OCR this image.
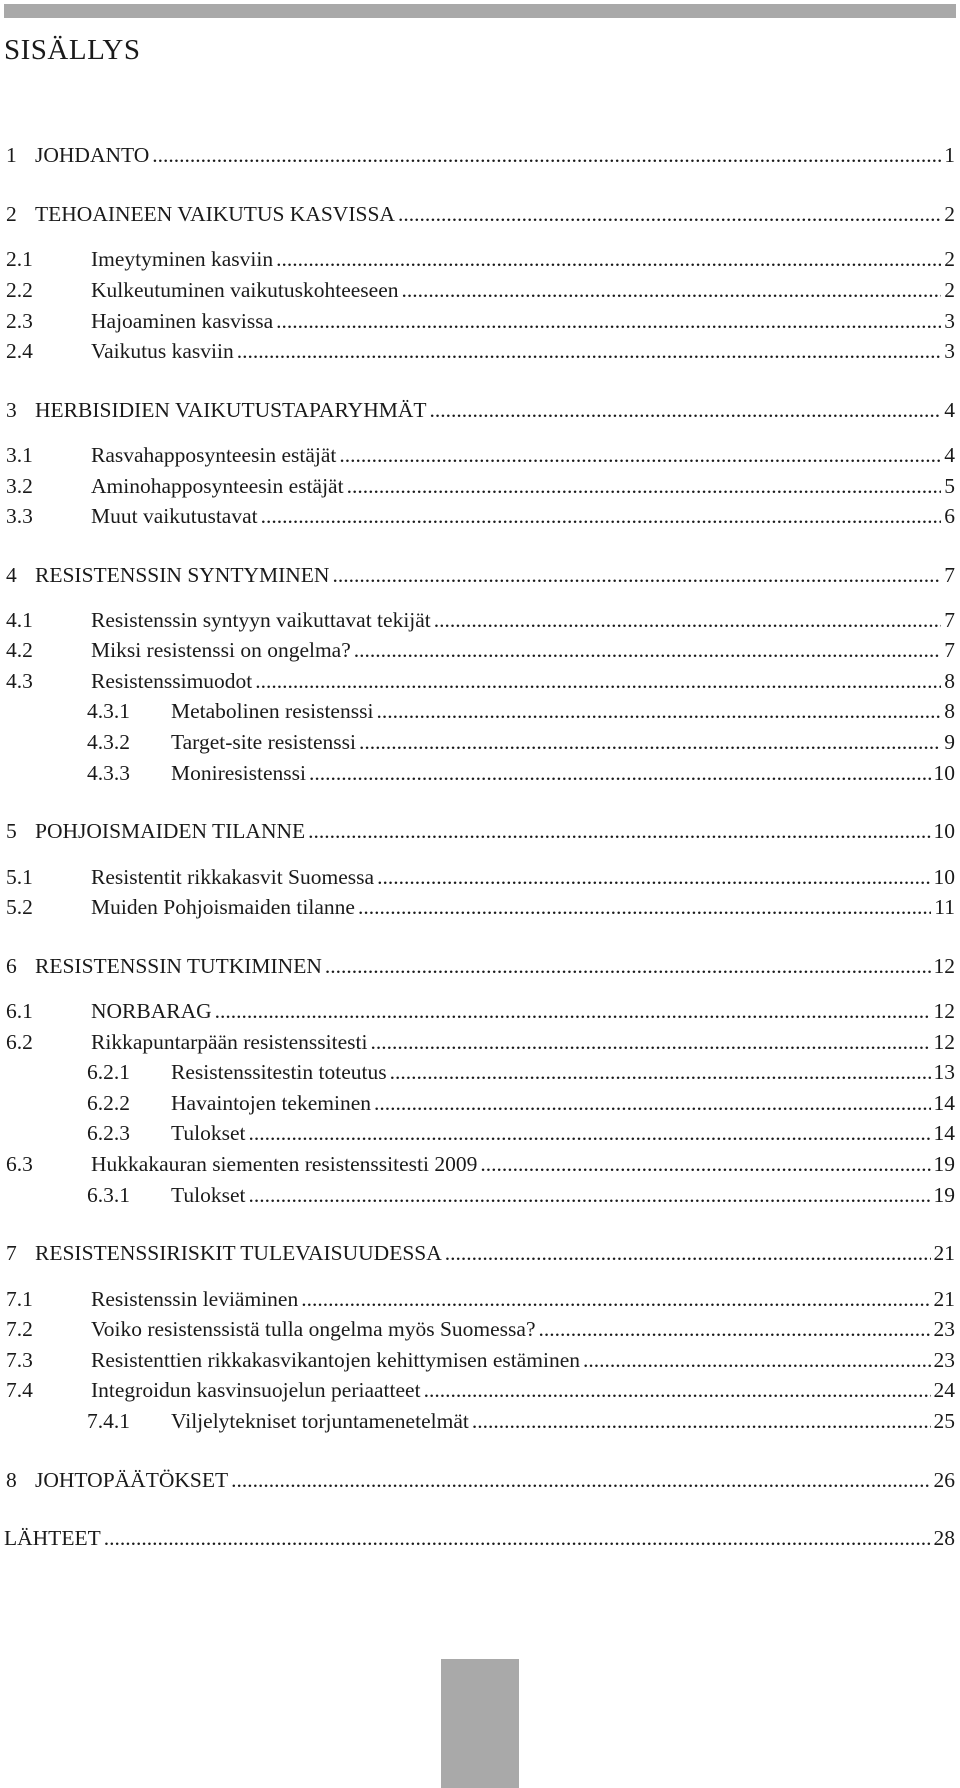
SISÄLLYS
1 JOHDANTO .....	1
2 TEHOAINEEN VAIKUTUS KASVISSA .....	2
2.1	Imeytyminen kasviin .....	2
2.2	Kulkeutuminen vaikutuskohteeseen .....	2
2.3	Hajoaminen kasvissa .....	3
2.4	Vaikutus kasviin .....	3
3 HERBISIDIEN VAIKUTUSTAPARYHMÄT .....	4
3.1	Rasvahapposynteesin estäjät .....	4
3.2	Aminohapposynteesin estäjät .....	5
3.3	Muut vaikutustavat .....	6
4 RESISTENSSIN SYNTYMINEN .....	7
4.1	Resistenssin syntyyn vaikuttavat tekijät .....	7
4.2	Miksi resistenssi on ongelma? .....	7
4.3	Resistenssimuodot .....	8
4.3.1	Metabolinen resistenssi .....	8
4.3.2	Target-site resistenssi .....	9
4.3.3	Moniresistenssi .....	10
5 POHJOISMAIDEN TILANNE .....	10
5.1	Resistentit rikkakasvit Suomessa .....	10
5.2	Muiden Pohjoismaiden tilanne .....	11
6 RESISTENSSIN TUTKIMINEN .....	12
6.1	NORBARAG .....	12
6.2	Rikkapuntarpään resistenssitesti .....	12
6.2.1	Resistenssitestin toteutus .....	13
6.2.2	Havaintojen tekeminen .....	14
6.2.3	Tulokset .....	14
6.3	Hukkakauran siementen resistenssitesti 2009 .....	19
6.3.1	Tulokset .....	19
7 RESISTENSSIRISKIT TULEVAISUUDESSA .....	21
7.1	Resistenssin leviäminen .....	21
7.2	Voiko resistenssistä tulla ongelma myös Suomessa? .....	23
7.3	Resistenttien rikkakasvikantojen kehittymisen estäminen .....	23
7.4	Integroidun kasvinsuojelun periaatteet .....	24
7.4.1	Viljelytekniset torjuntamenetelmät .....	25
8 JOHTOPÄÄTÖKSET .....	26
LÄHTEET .....	28
